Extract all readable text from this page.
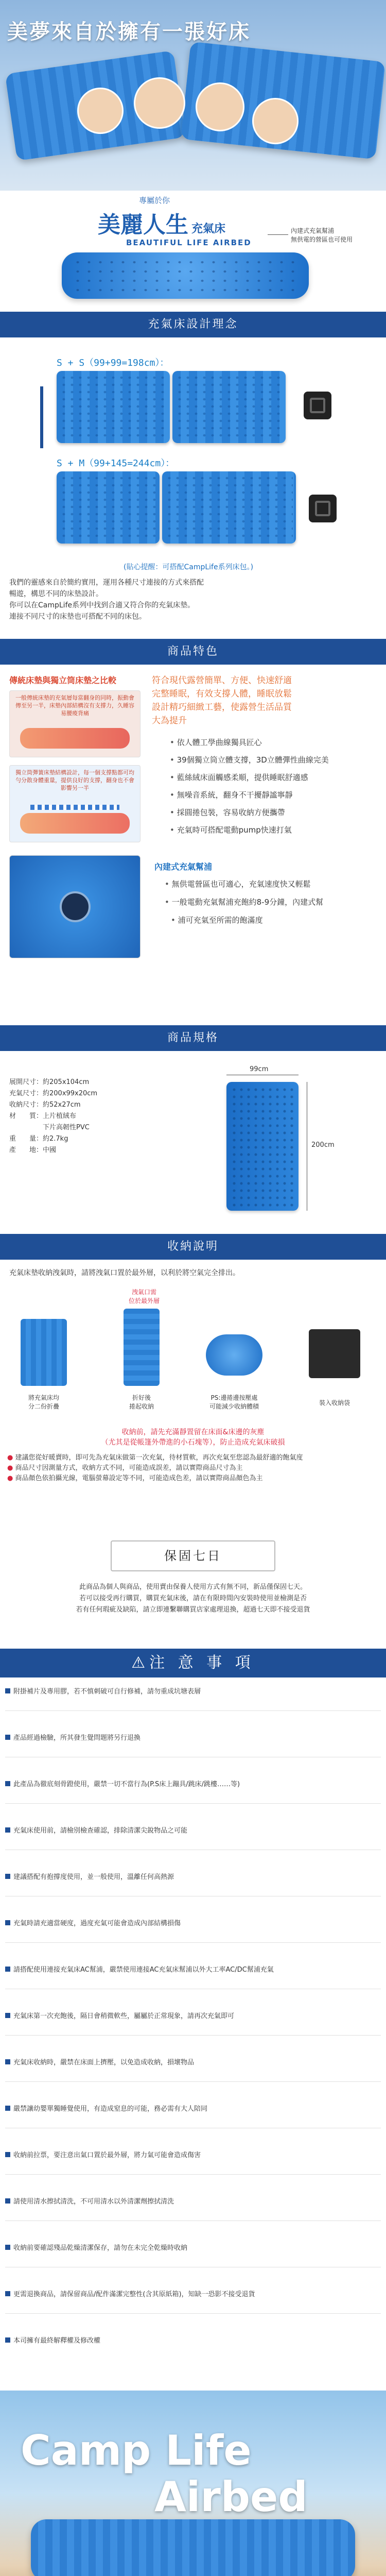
美夢來自於擁有一張好床
專屬於你
美麗人生 充氣床
BEAUTIFUL LIFE AIRBED
內建式充氣幫浦
無供電的營區也可使用
充氣床設計理念
S + S（99+99=198cm）：
S + M（99+145=244cm）：
(貼心提醒：可搭配CampLife系列床包。)
我們的靈感來自於簡約實用，運用各種尺寸連接的方式來搭配
暢遊，構思不同的床墊設計。
你可以在CampLife系列中找到合適又符合你的充氣床墊。
連接不同尺寸的床墊也可搭配不同的床包。
商品特色
傳統床墊與獨立筒床墊之比較
一般傳統床墊的充氣層每當翻身的同時，振動會傳至另一半，床墊內部結構沒有支撐力，久睡容易腰痠背痛
獨立筒彈簧床墊結構設計，每一個支撐點都可均勻分散身體重量，提供良好的支撐，翻身也不會影響另一半
符合現代露營簡單、方便、快速舒適
完整睡眠，有效支撐人體，睡眠放鬆
設計精巧細緻工藝，使露營生活品質
大為提升
• 依人體工學曲線獨具匠心
• 39個獨立筒立體支撐，3D立體彈性曲線完美
• 藍絲絨床面觸感柔順，提供睡眠舒適感
• 無噪音系統，翻身不干擾靜謐寧靜
• 採圓捲包裝，容易收納方便攜帶
• 充氣時可搭配電動pump快速打氣
內建式充氣幫浦
• 無供電營區也可適心，充氣速度快又輕鬆
• 一般電動充氣幫浦充飽約8-9分鐘，內建式幫
• 浦可充氣至所需的飽滿度
商品規格
展開尺寸：約205x104cm
充氣尺寸：約200x99x20cm
收納尺寸：約52x27cm
材　　質：上片植絨布
　　　　　下片高韌性PVC
重　　量：約2.7kg
產　　地：中國
99cm
200cm
收納說明
充氣床墊收納洩氣時，請將洩氣口置於最外層，以利於將空氣完全排出。
洩氣口需
位於最外層
將充氣床均
分二份折疊
折好後
捲起收納
PS:邊捲邊按壓處
可能減少收納體積	裝入收納袋
收納前，請先充滿靜置留在床面&床邊的灰塵
（尤其是從帳篷外帶進的小石塊等），防止造成充氣床破損
● 建議您從好暖賣時，即可先為充氣床做第一次充氣，待材質軟，再次充氣至您認為最舒適的飽氣度
● 商品尺寸因測量方式，收納方式不同，可能造成誤差，請以實際商品尺寸為主
● 商品顏色依拍攝光線，電腦螢幕設定等不同，可能造成色差，請以實際商品顏色為主
保固七日
此商品為個人與商品，使用賣由保養人使用方式有無不同，新品僅保固七天。
若可以接受再行購買，購買充氣床後，請在有限時間內安裝時使用並檢測是否
若有任何瑕疵及缺陷，請立即連繫聯購買店家處理退換，超過七天即不接受退貨
⚠注 意 事 項
附掛補片及專用膠，若不慎刺破可自行修補，請勿重成坑塘表層
產品經過檢驗，所其發生覺問題將另行退換
此產品為徹底刻骨蹬使用，嚴禁一切不當行為(P.S床上蹦具/跳床/跳樓……等)
充氣床使用前，請檢別檢查確認，排除清潔尖銳物品之可能
建議搭配有抱撐度使用，並一般使用，溫離任何高熱源
充氣時請充適當硬度，過度充氣可能會造成內部結構損傷
請搭配使用連接充氣床AC幫浦，嚴禁使用連接AC充氣床幫浦以外大工率AC/DC幫浦充氣
充氣床第一次充飽後，隔日會稍微軟些，屬屬於正常現象，請再次充氣即可
充氣床收納時，嚴禁在床面上擠壓，以免造成收納，損壞物品
嚴禁讓幼嬰單獨睡覺使用，有造成窒息的可能，務必需有大人陪同
收納前拉票，要注意出氣口置於最外層，將力氣可能會造成傷害
請使用清水擦拭清洗，不可用清水以外清潔劑擦拭清洗
收納前要確認殘品乾燥清潔保存，請勿在未完全乾燥時收納
更需退換商品，請保留商品/配件滿潔完整性(含其原紙箱)，知缺一恐影不接受退貨
本司擁有最終解釋權及修改權
Camp Life
Airbed
